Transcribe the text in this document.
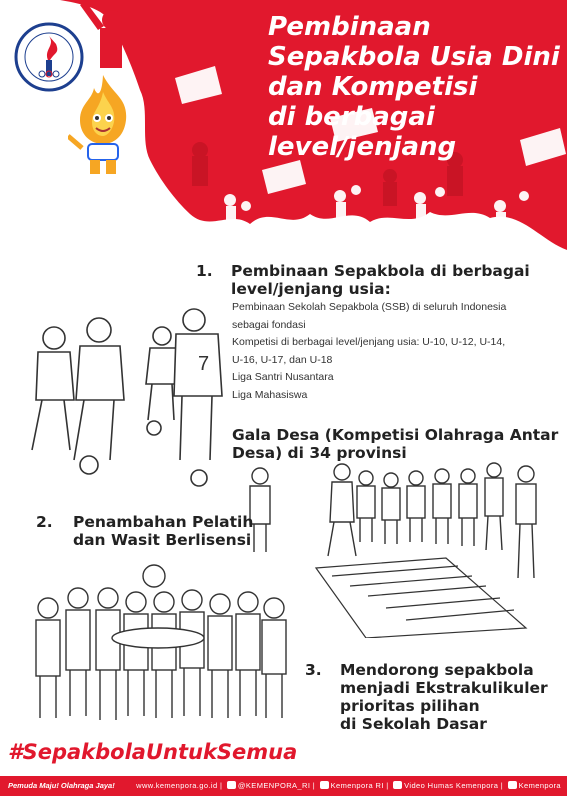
Pembinaan
Sepakbola Usia Dini
dan Kompetisi
di berbagai
level/jenjang
1. Pembinaan Sepakbola di berbagai
level/jenjang usia:
Pembinaan Sekolah Sepakbola (SSB) di seluruh Indonesia
sebagai fondasi
Kompetisi di berbagai level/jenjang usia: U-10, U-12, U-14,
U-16, U-17, dan U-18
Liga Santri Nusantara
Liga Mahasiswa
Gala Desa (Kompetisi Olahraga Antar
Desa) di 34 provinsi
7
2. Penambahan Pelatih
dan Wasit Berlisensi
3. Mendorong sepakbola
menjadi Ekstrakulikuler
prioritas pilihan
di Sekolah Dasar
#SepakbolaUntukSemua
Pemuda Maju! Olahraga Jaya!	www.kemenpora.go.id | @KEMENPORA_RI | Kemenpora RI | Video Humas Kemenpora | Kemenpora
